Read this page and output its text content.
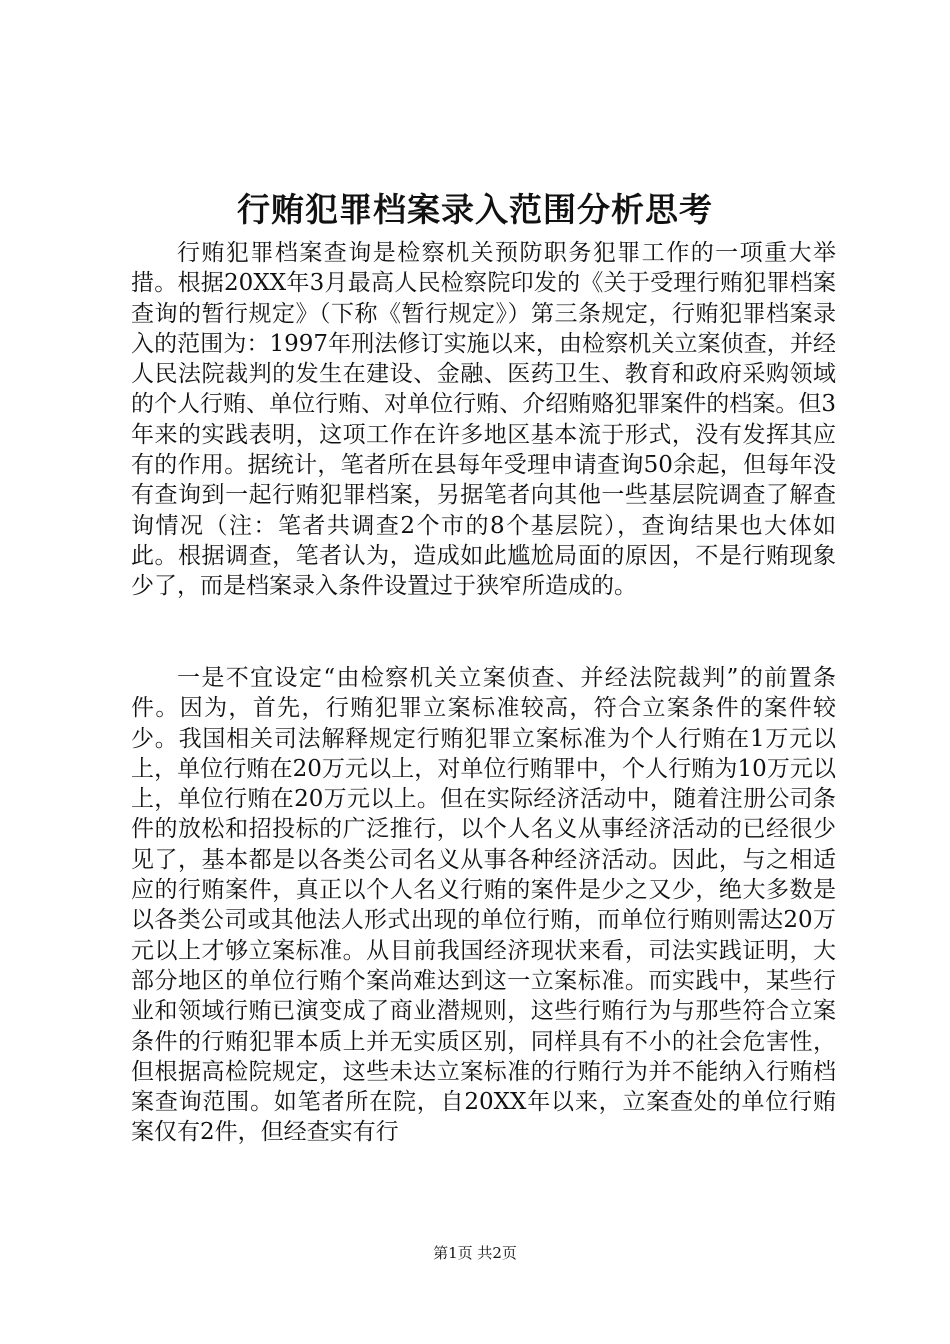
行贿犯罪档案录入范围分析思考

行贿犯罪档案查询是检察机关预防职务犯罪工作的一项重大举措。根据20XX年3月最高人民检察院印发的《关于受理行贿犯罪档案查询的暂行规定》（下称《暂行规定》）第三条规定，行贿犯罪档案录入的范围为：1997年刑法修订实施以来，由检察机关立案侦查，并经人民法院裁判的发生在建设、金融、医药卫生、教育和政府采购领域的个人行贿、单位行贿、对单位行贿、介绍贿赂犯罪案件的档案。但3年来的实践表明，这项工作在许多地区基本流于形式，没有发挥其应有的作用。据统计，笔者所在县每年受理申请查询50余起，但每年没有查询到一起行贿犯罪档案，另据笔者向其他一些基层院调查了解查询情况（注：笔者共调查2个市的8个基层院），查询结果也大体如此。根据调查，笔者认为，造成如此尴尬局面的原因，不是行贿现象少了，而是档案录入条件设置过于狭窄所造成的。

一是不宜设定“由检察机关立案侦查、并经法院裁判”的前置条件。因为，首先，行贿犯罪立案标准较高，符合立案条件的案件较少。我国相关司法解释规定行贿犯罪立案标准为个人行贿在1万元以上，单位行贿在20万元以上，对单位行贿罪中，个人行贿为10万元以上，单位行贿在20万元以上。但在实际经济活动中，随着注册公司条件的放松和招投标的广泛推行，以个人名义从事经济活动的已经很少见了，基本都是以各类公司名义从事各种经济活动。因此，与之相适应的行贿案件，真正以个人名义行贿的案件是少之又少，绝大多数是以各类公司或其他法人形式出现的单位行贿，而单位行贿则需达20万元以上才够立案标准。从目前我国经济现状来看，司法实践证明，大部分地区的单位行贿个案尚难达到这一立案标准。而实践中，某些行业和领域行贿已演变成了商业潜规则，这些行贿行为与那些符合立案条件的行贿犯罪本质上并无实质区别，同样具有不小的社会危害性，但根据高检院规定，这些未达立案标准的行贿行为并不能纳入行贿档案查询范围。如笔者所在院，自20XX年以来，立案查处的单位行贿案仅有2件，但经查实有行

第1页 共2页
